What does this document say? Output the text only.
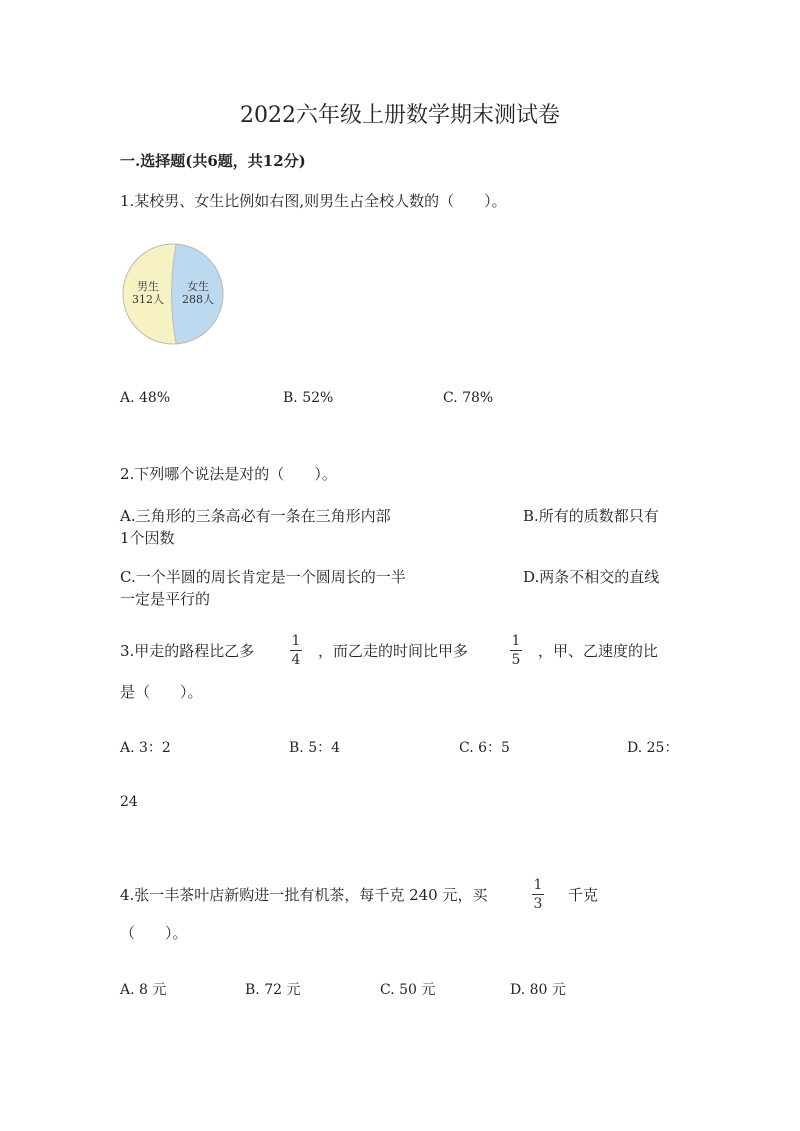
2022六年级上册数学期末测试卷
一.选择题(共6题，共12分)
1.某校男、女生比例如右图,则男生占全校人数的（　　）。
男生
312人
女生
288人
A. 48%	B. 52%	C. 78%
2.下列哪个说法是对的（　　）。
A.三角形的三条高必有一条在三角形内部	B.所有的质数都只有
1个因数
C.一个半圆的周长肯定是一个圆周长的一半	D.两条不相交的直线
一定是平行的
3.甲走的路程比乙多
1
4 ，而乙走的时间比甲多
1
5 ，甲、乙速度的比
是（　　）。
A. 3：2	B. 5：4	C. 6：5	D. 25：
24
4.张一丰茶叶店新购进一批有机茶，每千克 240 元，买
1
3 千克
（　　）。
A. 8 元	B. 72 元	C. 50 元	D. 80 元
